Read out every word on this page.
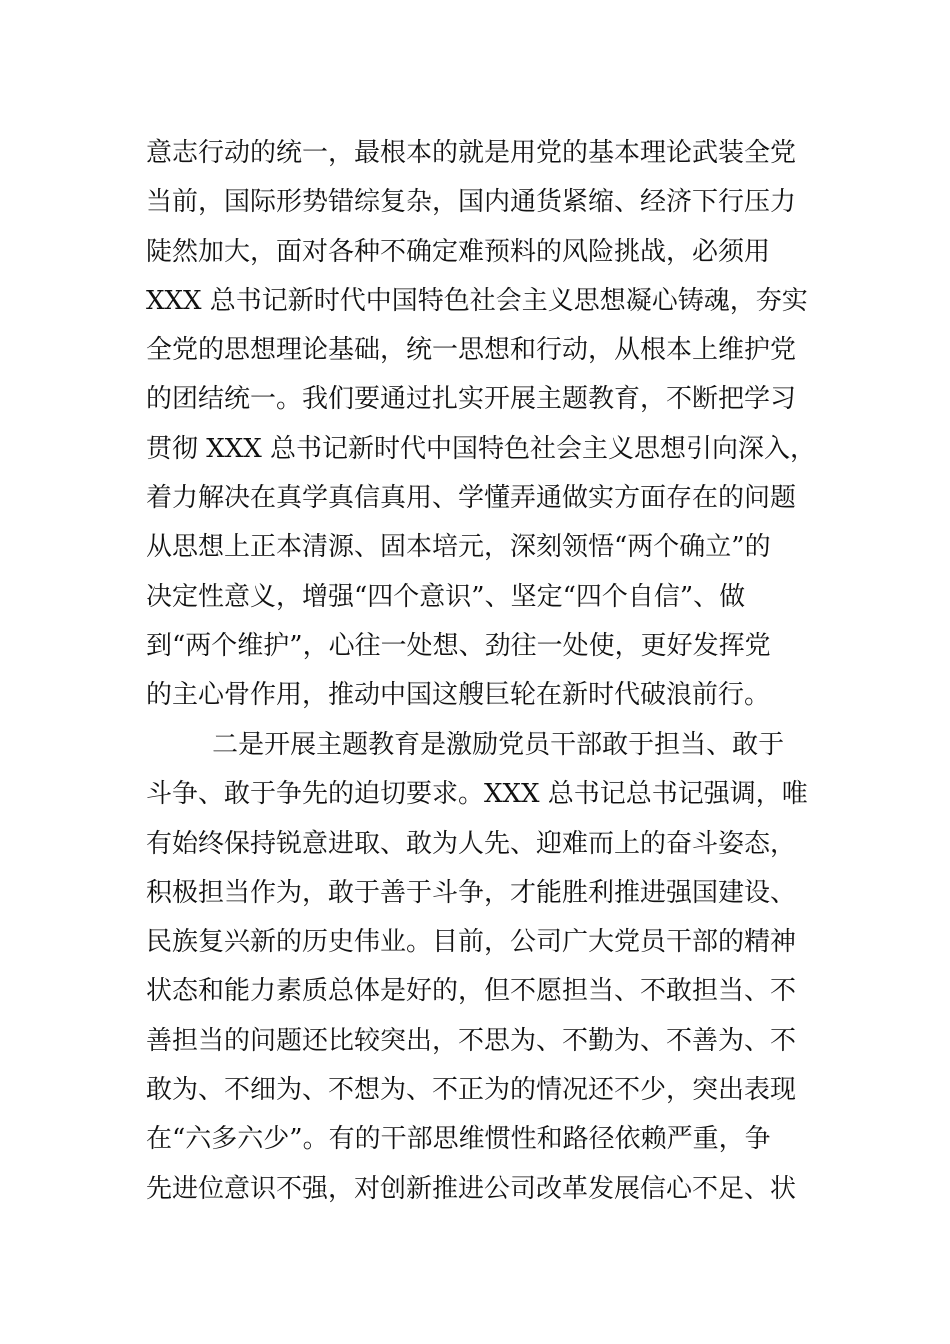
意志行动的统一，最根本的就是用党的基本理论武装全党
当前，国际形势错综复杂，国内通货紧缩、经济下行压力
陡然加大，面对各种不确定难预料的风险挑战，必须用
XXX 总书记新时代中国特色社会主义思想凝心铸魂，夯实
全党的思想理论基础，统一思想和行动，从根本上维护党
的团结统一。我们要通过扎实开展主题教育，不断把学习
贯彻 XXX 总书记新时代中国特色社会主义思想引向深入，
着力解决在真学真信真用、学懂弄通做实方面存在的问题
从思想上正本清源、固本培元，深刻领悟“两个确立”的
决定性意义，增强“四个意识”、坚定“四个自信”、做
到“两个维护”，心往一处想、劲往一处使，更好发挥党
的主心骨作用，推动中国这艘巨轮在新时代破浪前行。
二是开展主题教育是激励党员干部敢于担当、敢于
斗争、敢于争先的迫切要求。XXX 总书记总书记强调，唯
有始终保持锐意进取、敢为人先、迎难而上的奋斗姿态，
积极担当作为，敢于善于斗争，才能胜利推进强国建设、
民族复兴新的历史伟业。目前，公司广大党员干部的精神
状态和能力素质总体是好的，但不愿担当、不敢担当、不
善担当的问题还比较突出，不思为、不勤为、不善为、不
敢为、不细为、不想为、不正为的情况还不少，突出表现
在“六多六少”。有的干部思维惯性和路径依赖严重，争
先进位意识不强，对创新推进公司改革发展信心不足、状
